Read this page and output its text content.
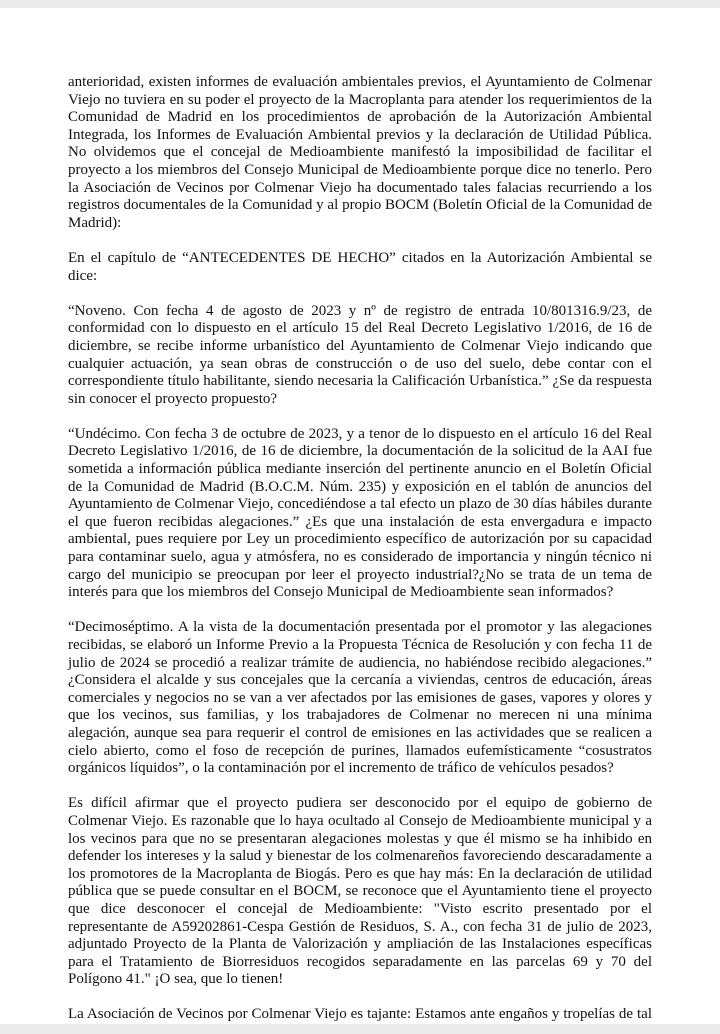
anterioridad, existen informes de evaluación ambientales previos, el Ayuntamiento de Colmenar Viejo no tuviera en su poder el proyecto de la Macroplanta para atender los requerimientos de la Comunidad de Madrid en los procedimientos de aprobación de la Autorización Ambiental Integrada, los Informes de Evaluación Ambiental previos y la declaración de Utilidad Pública. No olvidemos que el concejal de Medioambiente manifestó la imposibilidad de facilitar el proyecto a los miembros del Consejo Municipal de Medioambiente porque dice no tenerlo. Pero la Asociación de Vecinos por Colmenar Viejo ha documentado tales falacias recurriendo a los registros documentales de la Comunidad y al propio BOCM (Boletín Oficial de la Comunidad de Madrid):

En el capítulo de “ANTECEDENTES DE HECHO” citados en la Autorización Ambiental se dice:

“Noveno. Con fecha 4 de agosto de 2023 y nº de registro de entrada 10/801316.9/23, de conformidad con lo dispuesto en el artículo 15 del Real Decreto Legislativo 1/2016, de 16 de diciembre, se recibe informe urbanístico del Ayuntamiento de Colmenar Viejo indicando que cualquier actuación, ya sean obras de construcción o de uso del suelo, debe contar con el correspondiente título habilitante, siendo necesaria la Calificación Urbanística.” ¿Se da respuesta sin conocer el proyecto propuesto?

“Undécimo. Con fecha 3 de octubre de 2023, y a tenor de lo dispuesto en el artículo 16 del Real Decreto Legislativo 1/2016, de 16 de diciembre, la documentación de la solicitud de la AAI fue sometida a información pública mediante inserción del pertinente anuncio en el Boletín Oficial de la Comunidad de Madrid (B.O.C.M. Núm. 235) y exposición en el tablón de anuncios del Ayuntamiento de Colmenar Viejo, concediéndose a tal efecto un plazo de 30 días hábiles durante el que fueron recibidas alegaciones.” ¿Es que una instalación de esta envergadura e impacto ambiental, pues requiere por Ley un procedimiento específico de autorización por su capacidad para contaminar suelo, agua y atmósfera, no es considerado de importancia y ningún técnico ni cargo del municipio se preocupan por leer el proyecto industrial?¿No se trata de un tema de interés para que los miembros del Consejo Municipal de Medioambiente sean informados?

“Decimoséptimo. A la vista de la documentación presentada por el promotor y las alegaciones recibidas, se elaboró un Informe Previo a la Propuesta Técnica de Resolución y con fecha 11 de julio de 2024 se procedió a realizar trámite de audiencia, no habiéndose recibido alegaciones.” ¿Considera el alcalde y sus concejales que la cercanía a viviendas, centros de educación, áreas comerciales y negocios no se van a ver afectados por las emisiones de gases, vapores y olores y que los vecinos, sus familias, y los trabajadores de Colmenar no merecen ni una mínima alegación, aunque sea para requerir el control de emisiones en las actividades que se realicen a cielo abierto, como el foso de recepción de purines, llamados eufemísticamente “cosustratos orgánicos líquidos”, o la contaminación por el incremento de tráfico de vehículos pesados?

Es difícil afirmar que el proyecto pudiera ser desconocido por el equipo de gobierno de Colmenar Viejo. Es razonable que lo haya ocultado al Consejo de Medioambiente municipal y a los vecinos para que no se presentaran alegaciones molestas y que él mismo se ha inhibido en defender los intereses y la salud y bienestar de los colmenareños favoreciendo descaradamente a los promotores de la Macroplanta de Biogás. Pero es que hay más: En la declaración de utilidad pública que se puede consultar en el BOCM, se reconoce que el Ayuntamiento tiene el proyecto que dice desconocer el concejal de Medioambiente: "Visto escrito presentado por el representante de A59202861-Cespa Gestión de Residuos, S. A., con fecha 31 de julio de 2023, adjuntado Proyecto de la Planta de Valorización y ampliación de las Instalaciones específicas para el Tratamiento de Biorresiduos recogidos separadamente en las parcelas 69 y 70 del Polígono 41." ¡O sea, que lo tienen!

La Asociación de Vecinos por Colmenar Viejo es tajante: Estamos ante engaños y tropelías de tal
